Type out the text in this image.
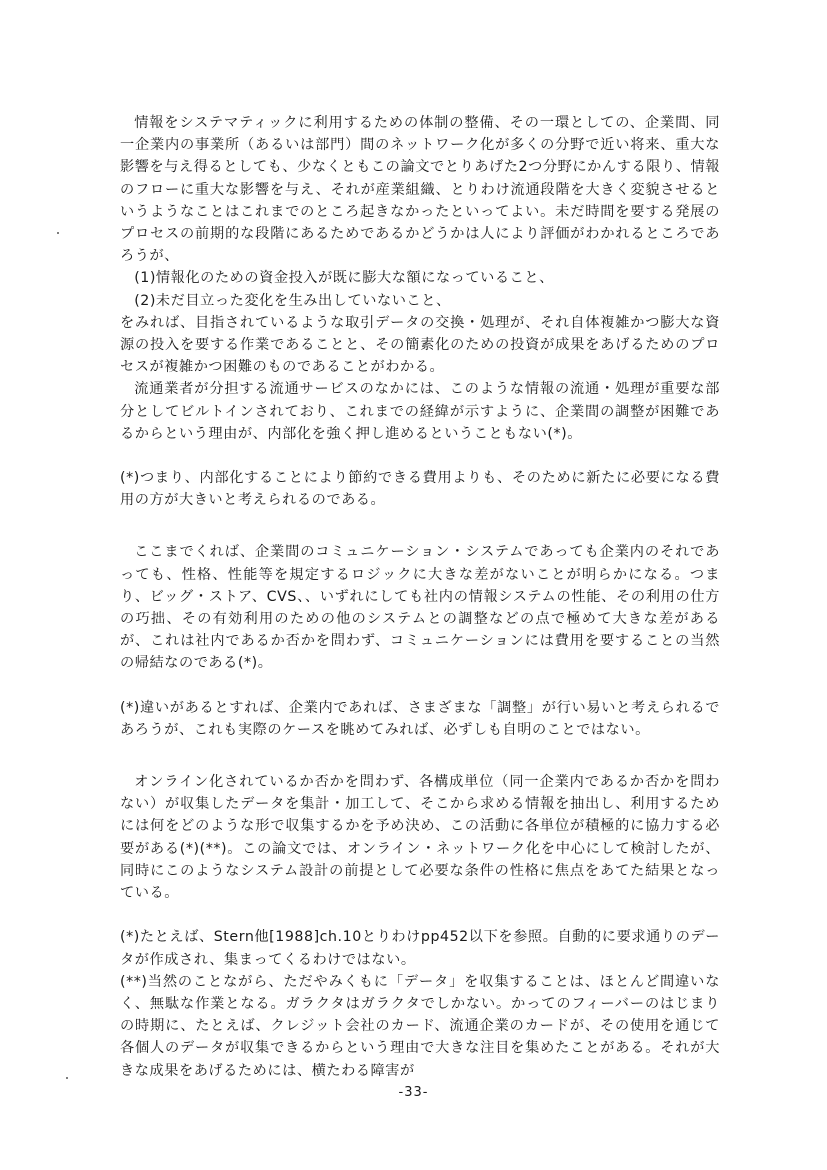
情報をシステマティックに利用するための体制の整備、その一環としての、企業間、同一企業内の事業所（あるいは部門）間のネットワーク化が多くの分野で近い将来、重大な影響を与え得るとしても、少なくともこの論文でとりあげた2つ分野にかんする限り、情報のフローに重大な影響を与え、それが産業組織、とりわけ流通段階を大きく変貌させるというようなことはこれまでのところ起きなかったといってよい。未だ時間を要する発展のプロセスの前期的な段階にあるためであるかどうかは人により評価がわかれるところであろうが、

(1)情報化のための資金投入が既に膨大な額になっていること、

(2)未だ目立った変化を生み出していないこと、

をみれば、目指されているような取引データの交換・処理が、それ自体複雑かつ膨大な資源の投入を要する作業であることと、その簡素化のための投資が成果をあげるためのプロセスが複雑かつ困難のものであることがわかる。

流通業者が分担する流通サービスのなかには、このような情報の流通・処理が重要な部分としてビルトインされており、これまでの経緯が示すように、企業間の調整が困難であるからという理由が、内部化を強く押し進めるということもない(*)。

(*)つまり、内部化することにより節約できる費用よりも、そのために新たに必要になる費用の方が大きいと考えられるのである。

ここまでくれば、企業間のコミュニケーション・システムであっても企業内のそれであっても、性格、性能等を規定するロジックに大きな差がないことが明らかになる。つまり、ビッグ・ストア、CVS、、いずれにしても社内の情報システムの性能、その利用の仕方の巧拙、その有効利用のための他のシステムとの調整などの点で極めて大きな差があるが、これは社内であるか否かを問わず、コミュニケーションには費用を要することの当然の帰結なのである(*)。

(*)違いがあるとすれば、企業内であれば、さまざまな「調整」が行い易いと考えられるであろうが、これも実際のケースを眺めてみれば、必ずしも自明のことではない。

オンライン化されているか否かを問わず、各構成単位（同一企業内であるか否かを問わない）が収集したデータを集計・加工して、そこから求める情報を抽出し、利用するためには何をどのような形で収集するかを予め決め、この活動に各単位が積極的に協力する必要がある(*)(**)。この論文では、オンライン・ネットワーク化を中心にして検討したが、同時にこのようなシステム設計の前提として必要な条件の性格に焦点をあてた結果となっている。

(*)たとえば、Stern他[1988]ch.10とりわけpp452以下を参照。自動的に要求通りのデータが作成され、集まってくるわけではない。

(**)当然のことながら、ただやみくもに「データ」を収集することは、ほとんど間違いなく、無駄な作業となる。ガラクタはガラクタでしかない。かってのフィーバーのはじまりの時期に、たとえば、クレジット会社のカード、流通企業のカードが、その使用を通じて各個人のデータが収集できるからという理由で大きな注目を集めたことがある。それが大きな成果をあげるためには、横たわる障害が

-33-
